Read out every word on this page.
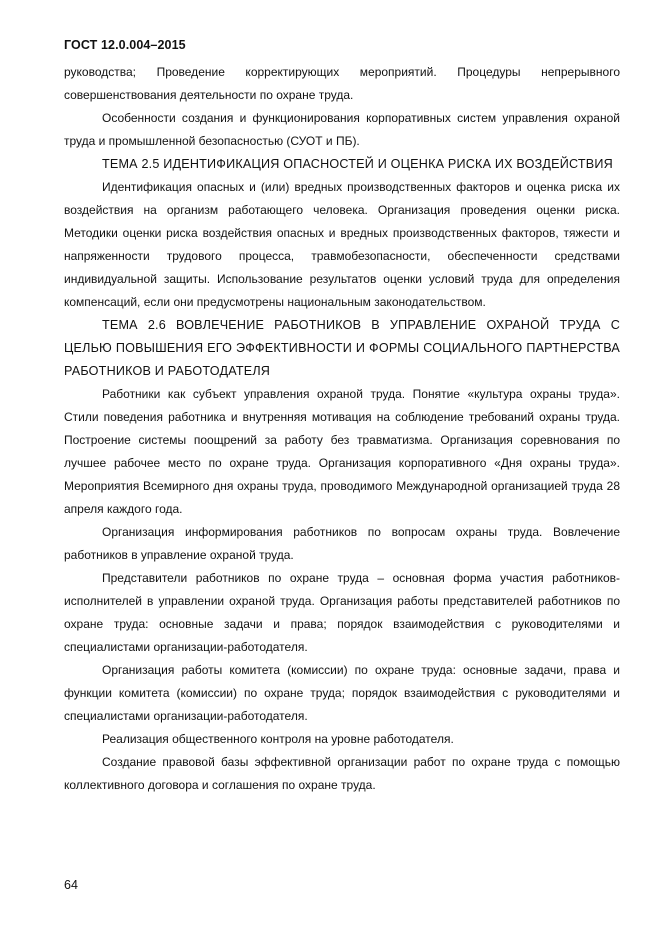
ГОСТ 12.0.004–2015

руководства; Проведение корректирующих мероприятий. Процедуры непрерывного совершенствования деятельности по охране труда.

Особенности создания и функционирования корпоративных систем управления охраной труда и промышленной безопасностью (СУОТ и ПБ).

ТЕМА 2.5 ИДЕНТИФИКАЦИЯ ОПАСНОСТЕЙ И ОЦЕНКА РИСКА ИХ ВОЗДЕЙСТВИЯ

Идентификация опасных и (или) вредных производственных факторов и оценка риска их воздействия на организм работающего человека. Организация проведения оценки риска. Методики оценки риска воздействия опасных и вредных производственных факторов, тяжести и напряженности трудового процесса, травмобезопасности, обеспеченности средствами индивидуальной защиты. Использование результатов оценки условий труда для определения компенсаций, если они предусмотрены национальным законодательством.

ТЕМА 2.6 ВОВЛЕЧЕНИЕ РАБОТНИКОВ В УПРАВЛЕНИЕ ОХРАНОЙ ТРУДА С ЦЕЛЬЮ ПОВЫШЕНИЯ ЕГО ЭФФЕКТИВНОСТИ И ФОРМЫ СОЦИАЛЬНОГО ПАРТНЕРСТВА РАБОТНИКОВ И РАБОТОДАТЕЛЯ

Работники как субъект управления охраной труда. Понятие «культура охраны труда». Стили поведения работника и внутренняя мотивация на соблюдение требований охраны труда. Построение системы поощрений за работу без травматизма. Организация соревнования по лучшее рабочее место по охране труда. Организация корпоративного «Дня охраны труда». Мероприятия Всемирного дня охраны труда, проводимого Международной организацией труда 28 апреля каждого года.

Организация информирования работников по вопросам охраны труда. Вовлечение работников в управление охраной труда.

Представители работников по охране труда – основная форма участия работников-исполнителей в управлении охраной труда. Организация работы представителей работников по охране труда: основные задачи и права; порядок взаимодействия с руководителями и специалистами организации-работодателя.

Организация работы комитета (комиссии) по охране труда: основные задачи, права и функции комитета (комиссии) по охране труда; порядок взаимодействия с руководителями и специалистами организации-работодателя.

Реализация общественного контроля на уровне работодателя.

Создание правовой базы эффективной организации работ по охране труда с помощью коллективного договора и соглашения по охране труда.

64
